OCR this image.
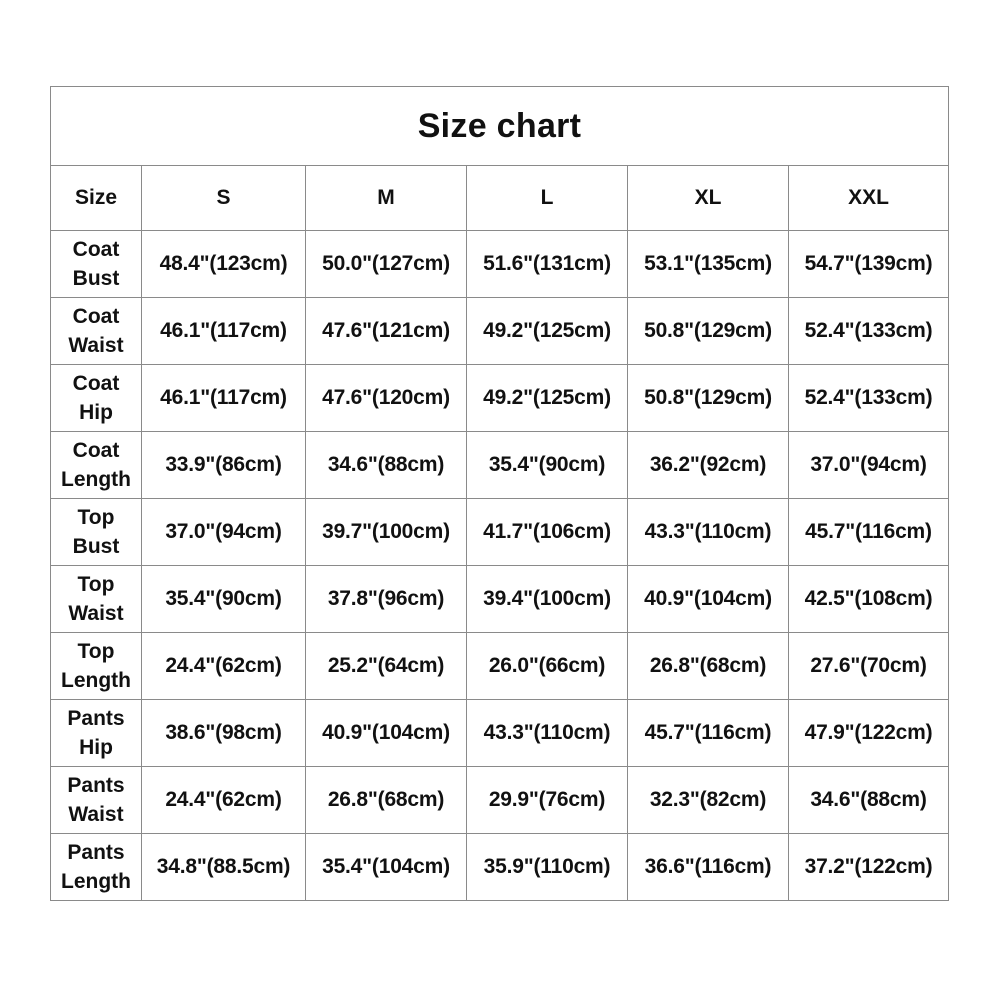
Size chart					
Size	S	M	L	XL	XXL

Coat
Bust	48.4"(123cm)	50.0"(127cm)	51.6"(131cm)	53.1"(135cm)	54.7"(139cm)

Coat
Waist	46.1"(117cm)	47.6"(121cm)	49.2"(125cm)	50.8"(129cm)	52.4"(133cm)

Coat
Hip	46.1"(117cm)	47.6"(120cm)	49.2"(125cm)	50.8"(129cm)	52.4"(133cm)

Coat
Length	33.9"(86cm)	34.6"(88cm)	35.4"(90cm)	36.2"(92cm)	37.0"(94cm)

Top
Bust	37.0"(94cm)	39.7"(100cm)	41.7"(106cm)	43.3"(110cm)	45.7"(116cm)

Top
Waist	35.4"(90cm)	37.8"(96cm)	39.4"(100cm)	40.9"(104cm)	42.5"(108cm)

Top
Length	24.4"(62cm)	25.2"(64cm)	26.0"(66cm)	26.8"(68cm)	27.6"(70cm)

Pants
Hip	38.6"(98cm)	40.9"(104cm)	43.3"(110cm)	45.7"(116cm)	47.9"(122cm)

Pants
Waist	24.4"(62cm)	26.8"(68cm)	29.9"(76cm)	32.3"(82cm)	34.6"(88cm)

Pants
Length	34.8"(88.5cm)	35.4"(104cm)	35.9"(110cm)	36.6"(116cm)	37.2"(122cm)
